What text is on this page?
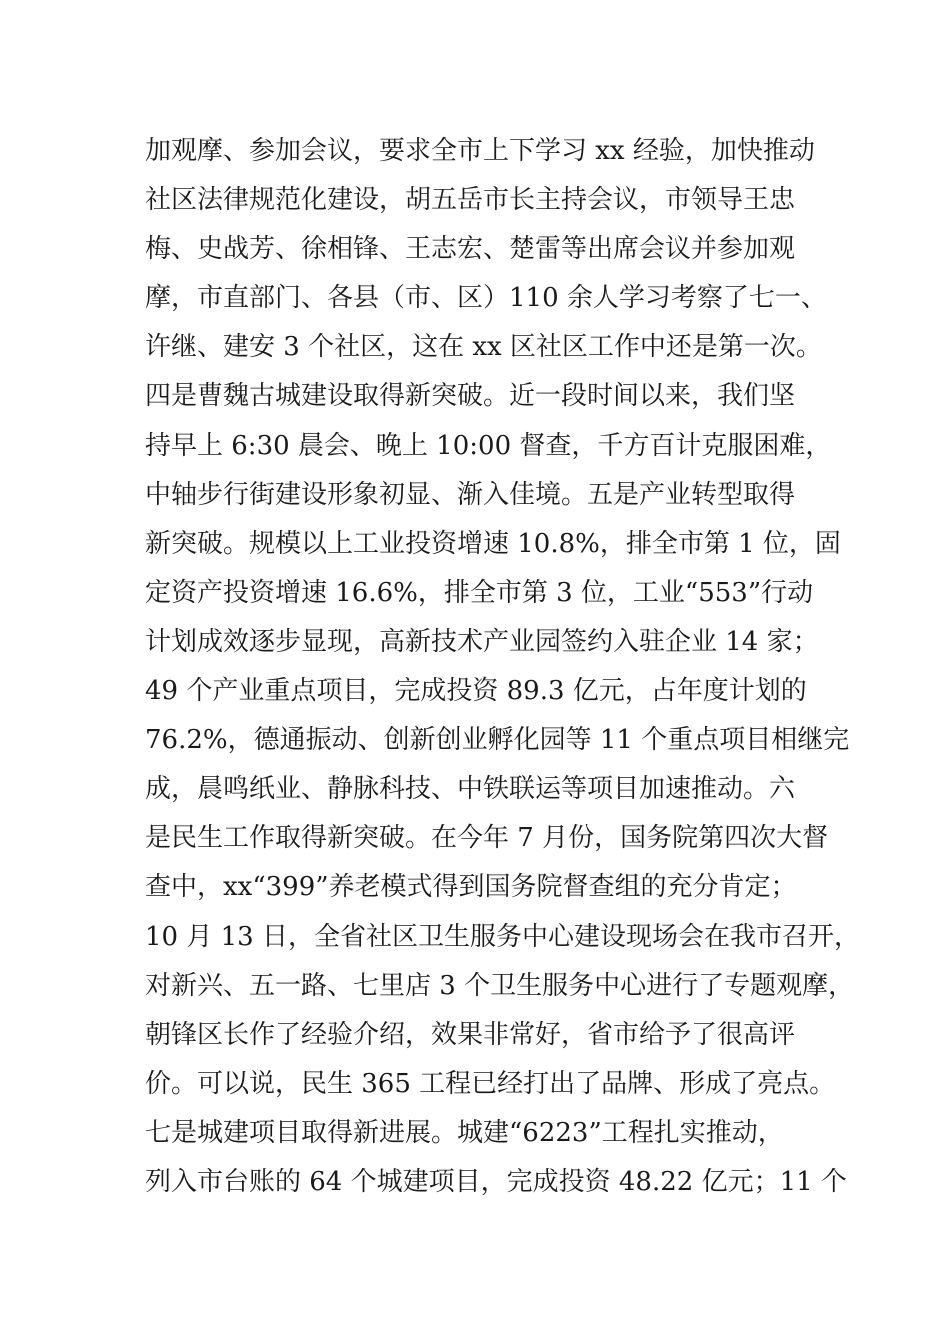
加观摩、参加会议，要求全市上下学习 xx 经验，加快推动
社区法律规范化建设，胡五岳市长主持会议，市领导王忠
梅、史战芳、徐相锋、王志宏、楚雷等出席会议并参加观
摩，市直部门、各县（市、区）110 余人学习考察了七一、
许继、建安 3 个社区，这在 xx 区社区工作中还是第一次。
四是曹魏古城建设取得新突破。近一段时间以来，我们坚
持早上 6:30 晨会、晚上 10:00 督查，千方百计克服困难，
中轴步行街建设形象初显、渐入佳境。五是产业转型取得
新突破。规模以上工业投资增速 10.8%，排全市第 1 位，固
定资产投资增速 16.6%，排全市第 3 位，工业“553”行动
计划成效逐步显现，高新技术产业园签约入驻企业 14 家；
49 个产业重点项目，完成投资 89.3 亿元，占年度计划的
76.2%，德通振动、创新创业孵化园等 11 个重点项目相继完
成，晨鸣纸业、静脉科技、中铁联运等项目加速推动。六
是民生工作取得新突破。在今年 7 月份，国务院第四次大督
查中，xx“399”养老模式得到国务院督查组的充分肯定；
10 月 13 日，全省社区卫生服务中心建设现场会在我市召开，
对新兴、五一路、七里店 3 个卫生服务中心进行了专题观摩，
朝锋区长作了经验介绍，效果非常好，省市给予了很高评
价。可以说，民生 365 工程已经打出了品牌、形成了亮点。
七是城建项目取得新进展。城建“6223”工程扎实推动，
列入市台账的 64 个城建项目，完成投资 48.22 亿元；11 个
